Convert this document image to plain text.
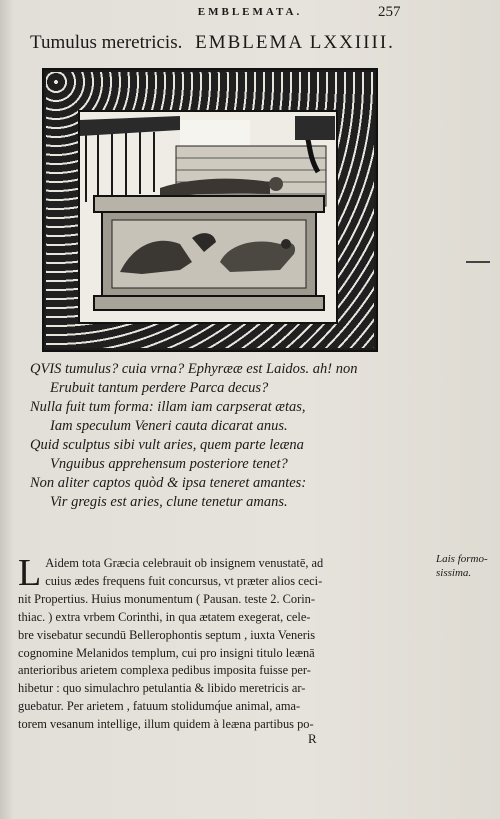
EMBLEMATA.	257
Tumulus meretricis. EMBLEMA LXXIIII.
QVIS tumulus? cuia vrna? Ephyrææ est Laidos. ah! non
Erubuit tantum perdere Parca decus?
Nulla fuit tum forma: illam iam carpserat ætas,
Iam speculum Veneri cauta dicarat anus.
Quid sculptus sibi vult aries, quem parte leæna
Vnguibus apprehensum posteriore tenet?
Non aliter captos quòd & ipsa teneret amantes:
Vir gregis est aries, clune tenetur amans.
L Aidem tota Græcia celebrauit ob insignem venustatē, ad
cuius ædes frequens fuit concursus, vt præter alios ceci-
nit Propertius. Huius monumentum ( Pausan. teste 2. Corin-
thiac. ) extra vrbem Corinthi, in qua ætatem exegerat, cele-
bre visebatur secundū Bellerophontis septum , iuxta Veneris
cognomine Melanidos templum, cui pro insigni titulo leænā
anterioribus arietem complexa pedibus imposita fuisse per-
hibetur : quo simulachro petulantia & libido meretricis ar-
guebatur. Per arietem , fatuum stolidumq́ue animal, ama-
torem vesanum intellige, illum quidem à leæna partibus po-
Lais formo-
sissima.
R
